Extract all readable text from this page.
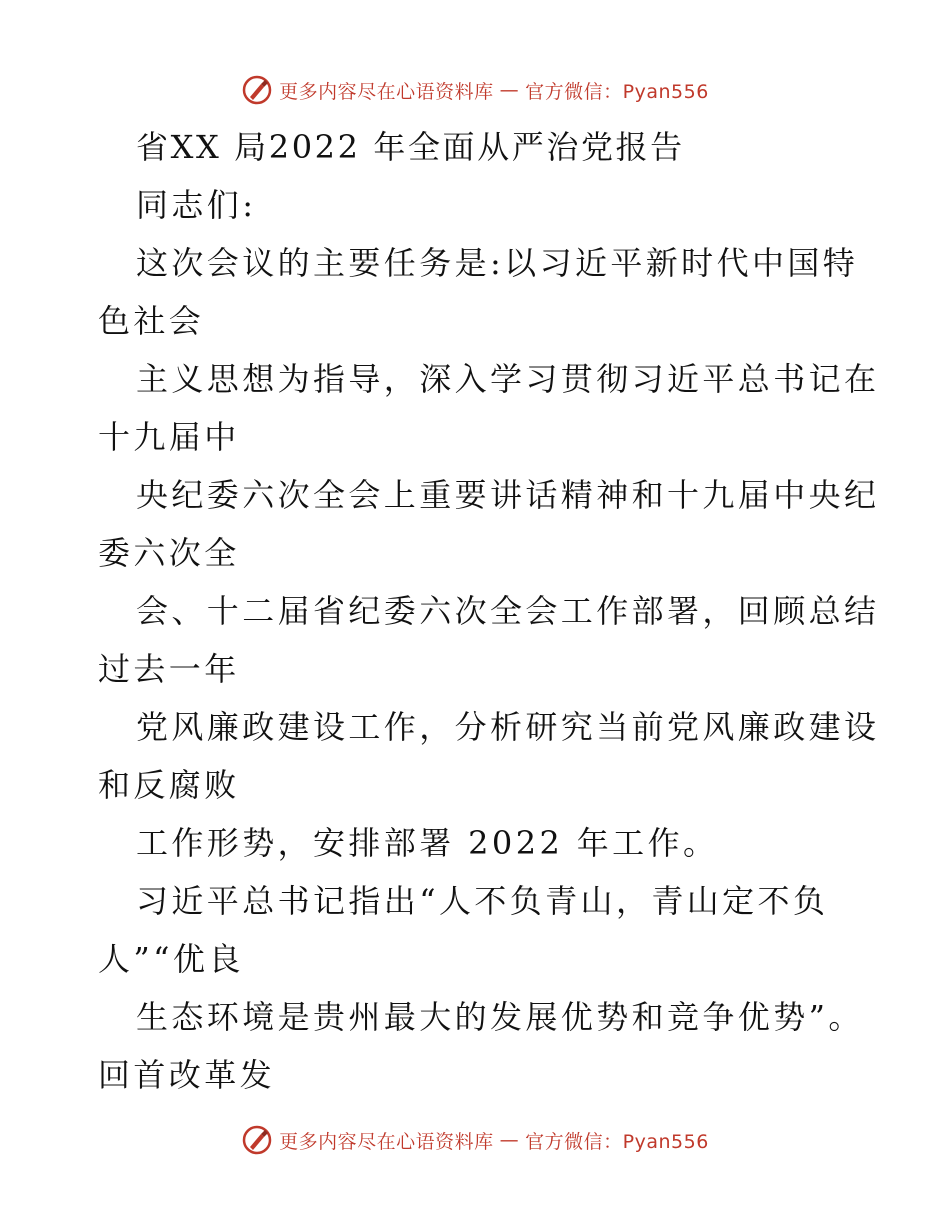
更多内容尽在心语资料库 — 官方微信：Pyan556
省XX 局2022 年全面从严治党报告
同志们:
这次会议的主要任务是:以习近平新时代中国特
色社会
主义思想为指导，深入学习贯彻习近平总书记在
十九届中
央纪委六次全会上重要讲话精神和十九届中央纪
委六次全
会、十二届省纪委六次全会工作部署，回顾总结
过去一年
党风廉政建设工作，分析研究当前党风廉政建设
和反腐败
工作形势，安排部署 2022 年工作。
习近平总书记指出“人不负青山，青山定不负
人”“优良
生态环境是贵州最大的发展优势和竞争优势”。
回首改革发
更多内容尽在心语资料库 — 官方微信：Pyan556
